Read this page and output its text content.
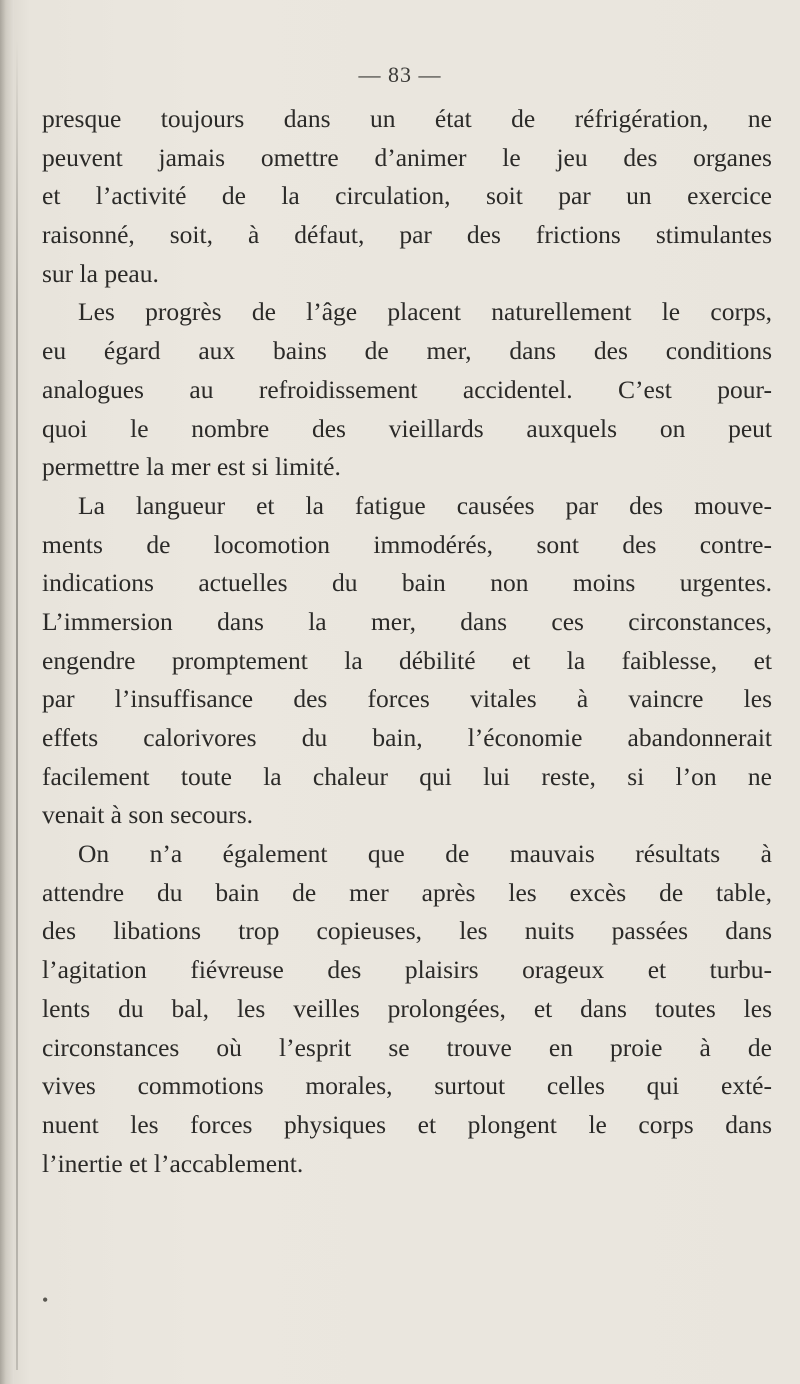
— 83 —
presque toujours dans un état de réfrigération, ne
peuvent jamais omettre d’animer le jeu des organes
et l’activité de la circulation, soit par un exercice
raisonné, soit, à défaut, par des frictions stimulantes
sur la peau.
Les progrès de l’âge placent naturellement le corps,
eu égard aux bains de mer, dans des conditions
analogues au refroidissement accidentel. C’est pour-
quoi le nombre des vieillards auxquels on peut
permettre la mer est si limité.
La langueur et la fatigue causées par des mouve-
ments de locomotion immodérés, sont des contre-
indications actuelles du bain non moins urgentes.
L’immersion dans la mer, dans ces circonstances,
engendre promptement la débilité et la faiblesse, et
par l’insuffisance des forces vitales à vaincre les
effets calorivores du bain, l’économie abandonnerait
facilement toute la chaleur qui lui reste, si l’on ne
venait à son secours.
On n’a également que de mauvais résultats à
attendre du bain de mer après les excès de table,
des libations trop copieuses, les nuits passées dans
l’agitation fiévreuse des plaisirs orageux et turbu-
lents du bal, les veilles prolongées, et dans toutes les
circonstances où l’esprit se trouve en proie à de
vives commotions morales, surtout celles qui exté-
nuent les forces physiques et plongent le corps dans
l’inertie et l’accablement.
•
